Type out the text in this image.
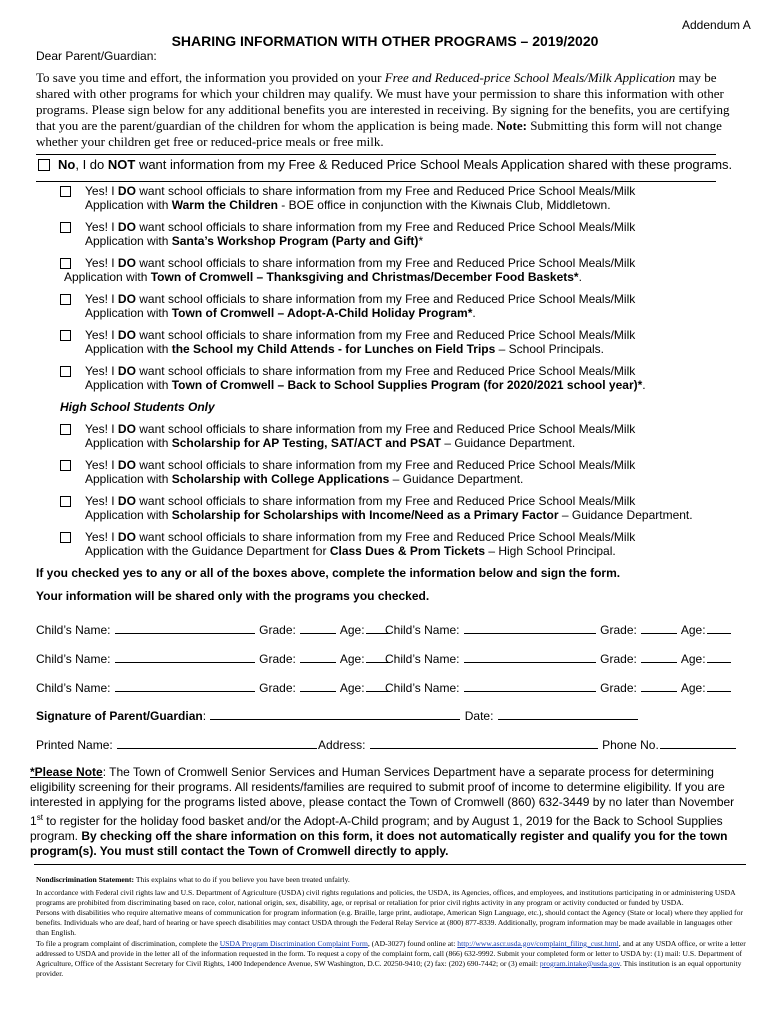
Addendum A
SHARING INFORMATION WITH OTHER PROGRAMS – 2019/2020
Dear Parent/Guardian:
To save you time and effort, the information you provided on your Free and Reduced-price School Meals/Milk Application may be shared with other programs for which your children may qualify. We must have your permission to share this information with other programs. Please sign below for any additional benefits you are interested in receiving. By signing for the benefits, you are certifying that you are the parent/guardian of the children for whom the application is being made. Note: Submitting this form will not change whether your children get free or reduced-price meals or free milk.
No, I do NOT want information from my Free & Reduced Price School Meals Application shared with these programs.
Yes! I DO want school officials to share information from my Free and Reduced Price School Meals/Milk
Application with Warm the Children - BOE office in conjunction with the Kiwnais Club, Middletown.
Yes! I DO want school officials to share information from my Free and Reduced Price School Meals/Milk
Application with Santa’s Workshop Program (Party and Gift)*
Yes! I DO want school officials to share information from my Free and Reduced Price School Meals/Milk
Application with Town of Cromwell – Thanksgiving and Christmas/December Food Baskets*.
Yes! I DO want school officials to share information from my Free and Reduced Price School Meals/Milk
Application with Town of Cromwell – Adopt-A-Child Holiday Program*.
Yes! I DO want school officials to share information from my Free and Reduced Price School Meals/Milk
Application with the School my Child Attends - for Lunches on Field Trips – School Principals.
Yes! I DO want school officials to share information from my Free and Reduced Price School Meals/Milk
Application with Town of Cromwell – Back to School Supplies Program (for 2020/2021 school year)*.
High School Students Only
Yes! I DO want school officials to share information from my Free and Reduced Price School Meals/Milk
Application with Scholarship for AP Testing, SAT/ACT and PSAT – Guidance Department.
Yes! I DO want school officials to share information from my Free and Reduced Price School Meals/Milk
Application with Scholarship with College Applications – Guidance Department.
Yes! I DO want school officials to share information from my Free and Reduced Price School Meals/Milk
Application with Scholarship for Scholarships with Income/Need as a Primary Factor – Guidance Department.
Yes! I DO want school officials to share information from my Free and Reduced Price School Meals/Milk
Application with the Guidance Department for Class Dues & Prom Tickets – High School Principal.
If you checked yes to any or all of the boxes above, complete the information below and sign the form.
Your information will be shared only with the programs you checked.
Child’s Name:	Grade:	Age:	Child’s Name:	Grade:	Age:
Child’s Name:	Grade:	Age:	Child’s Name:	Grade:	Age:
Child’s Name:	Grade:	Age:	Child’s Name:	Grade:	Age:
Signature of Parent/Guardian:	Date:
Printed Name:	Address:	Phone No.
*Please Note: The Town of Cromwell Senior Services and Human Services Department have a separate process for determining eligibility screening for their programs. All residents/families are required to submit proof of income to determine eligibility. If you are interested in applying for the programs listed above, please contact the Town of Cromwell (860) 632-3449 by no later than November 1st to register for the holiday food basket and/or the Adopt-A-Child program; and by August 1, 2019 for the Back to School Supplies program. By checking off the share information on this form, it does not automatically register and qualify you for the town program(s). You must still contact the Town of Cromwell directly to apply.

Nondiscrimination Statement: This explains what to do if you believe you have been treated unfairly.

In accordance with Federal civil rights law and U.S. Department of Agriculture (USDA) civil rights regulations and policies, the USDA, its Agencies, offices, and employees, and institutions participating in or administering USDA programs are prohibited from discriminating based on race, color, national origin, sex, disability, age, or reprisal or retaliation for prior civil rights activity in any program or activity conducted or funded by USDA.

Persons with disabilities who require alternative means of communication for program information (e.g. Braille, large print, audiotape, American Sign Language, etc.), should contact the Agency (State or local) where they applied for benefits. Individuals who are deaf, hard of hearing or have speech disabilities may contact USDA through the Federal Relay Service at (800) 877-8339. Additionally, program information may be made available in languages other than English.

To file a program complaint of discrimination, complete the USDA Program Discrimination Complaint Form, (AD-3027) found online at: http://www.ascr.usda.gov/complaint_filing_cust.html, and at any USDA office, or write a letter addressed to USDA and provide in the letter all of the information requested in the form. To request a copy of the complaint form, call (866) 632-9992. Submit your completed form or letter to USDA by: (1) mail: U.S. Department of Agriculture, Office of the Assistant Secretary for Civil Rights, 1400 Independence Avenue, SW Washington, D.C. 20250-9410; (2) fax: (202) 690-7442; or (3) email: program.intake@usda.gov. This institution is an equal opportunity provider.
